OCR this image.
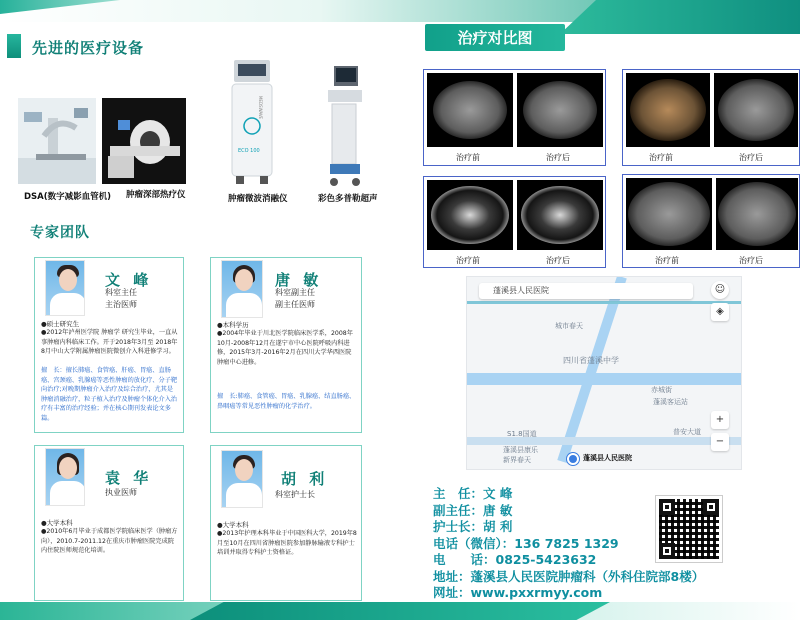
先进的医疗设备
ECO 100
MEDSWAVE
DSA(数字减影血管机) 肿瘤深部热疗仪	肿瘤微波消融仪	彩色多普勒超声
专家团队
文 峰
科室主任
主治医师
●硕士研究生
●2012年泸州医学院 肿瘤学 研究生毕业，一直从 事肿瘤内科临床工作。开于2018年3月至 2018年8月中山大学附属肿瘤医院微创介入科进修学习。
擅　长：擅长肺癌、食管癌、肝癌、胃癌、直肠癌、宫颈癌、乳腺癌等恶性肿瘤的放化疗、分子靶向治疗;对晚期肿瘤介入治疗及综合治疗，尤其是肿瘤消融治疗，粒子植入治疗及肿瘤个体化介入治疗有丰富的治疗经验；并在核心期刊发表论文多篇。
唐 敏
科室副主任
副主任医师
●本科学历
●2004年毕业于川北医学院临床医学系，2008年10月-2008年12月在遂宁市中心医院呼吸内科进修，2015年3月-2016年2月在四川大学华西医院肿瘤中心进修。
擅　长:肺癌、食管癌、胃癌、乳腺癌、结直肠癌、鼻咽癌等常见恶性肿瘤的化学治疗。
袁 华
执业医师
●大学本科
●2010年6月毕业于成都医学院临床医学（肿瘤方向），2010.7-2011.12在重庆市肿瘤医院完成院内住院医师规范化培训。
胡 利
科室护士长
●大学本科
●2013年护理本科毕业于中国医科大学，2019年8月至10月在四川省肿瘤医院参加静脉输液专科护士培训并取得专科护士资格证。
治疗对比图
治疗前	治疗后	治疗前	治疗后
治疗前	治疗后	治疗前	治疗后
蓬溪县人民医院	☺
◈
+
−
城市春天
四川省蓬溪中学
赤城街
蓬溪客运站
普安大道
S1.8国道
新界春天
蓬溪县康乐
蓬溪县人民医院
主　任：文 峰
副主任：唐 敏
护士长：胡 利
电话（微信）：136 7825 1329
电　　话：0825-5423632
地址：蓬溪县人民医院肿瘤科（外科住院部8楼）
网址：www.pxxrmyy.com
